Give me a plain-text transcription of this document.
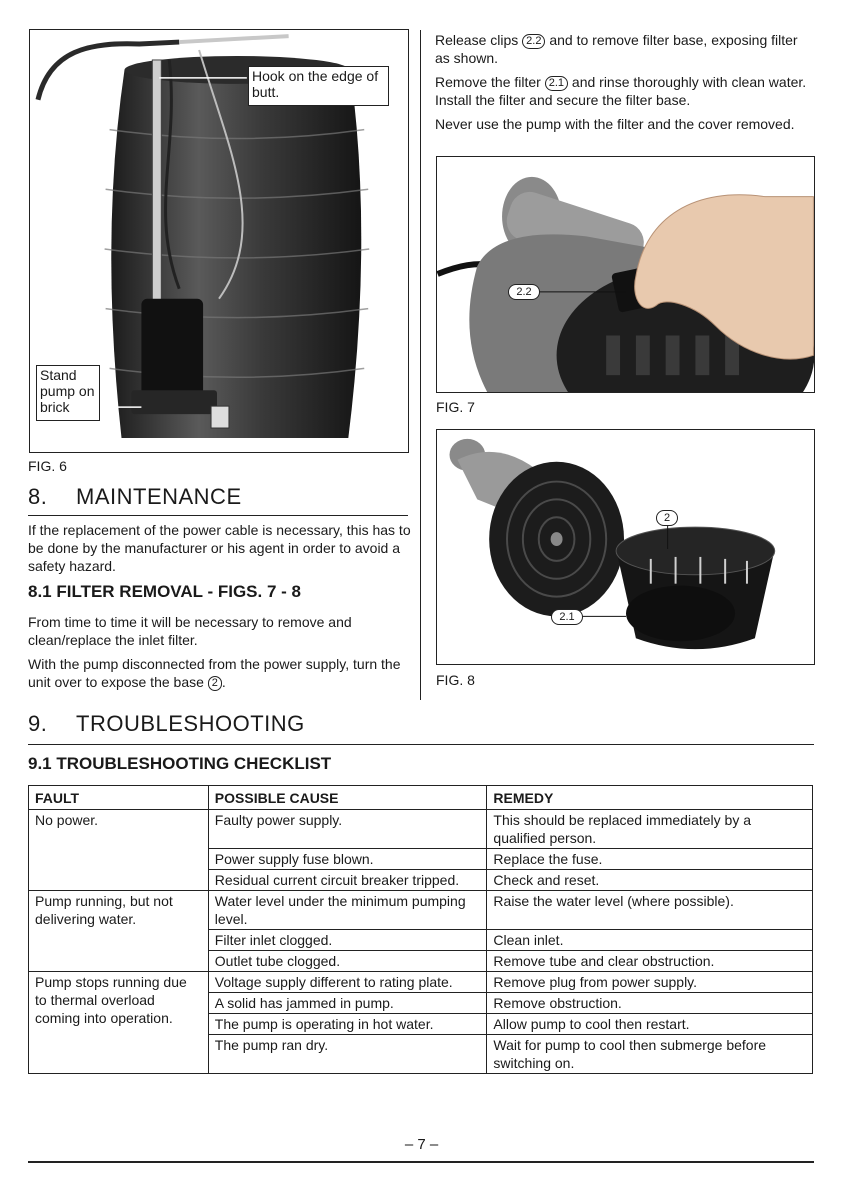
Hook on the edge of butt.
Stand pump on brick
FIG. 6
8. MAINTENANCE
If the replacement of the power cable is necessary, this has to be done by the manufacturer or his agent in order to avoid a safety hazard.
8.1 FILTER REMOVAL - FIGS. 7 - 8
From time to time it will be necessary to remove and clean/replace the inlet filter.
With the pump disconnected from the power supply, turn the unit over to expose the base 2 .
Release clips 2.2 and to remove filter base, exposing filter as shown.
Remove the filter 2.1 and rinse thoroughly with clean water. Install the filter and secure the filter base.
Never use the pump with the filter and the cover removed.
2.2
FIG. 7
2
2.1
FIG. 8
9. TROUBLESHOOTING
9.1 TROUBLESHOOTING CHECKLIST
FAULT	POSSIBLE CAUSE	REMEDY
No power.	Faulty power supply.	This should be replaced immediately by a qualified person.
	Power supply fuse blown.	Replace the fuse.
	Residual current circuit breaker tripped.	Check and reset.
Pump running, but not delivering water.	Water level under the minimum pumping level.	Raise the water level (where possible).
	Filter inlet clogged.	Clean inlet.
	Outlet tube clogged.	Remove tube and clear obstruction.
Pump stops running due to thermal overload coming into operation.	Voltage supply different to rating plate.	Remove plug from power supply.
	A solid has jammed in pump.	Remove obstruction.
	The pump is operating in hot water.	Allow pump to cool then restart.
	The pump ran dry.	Wait for pump to cool then submerge before switching on.
– 7 –
